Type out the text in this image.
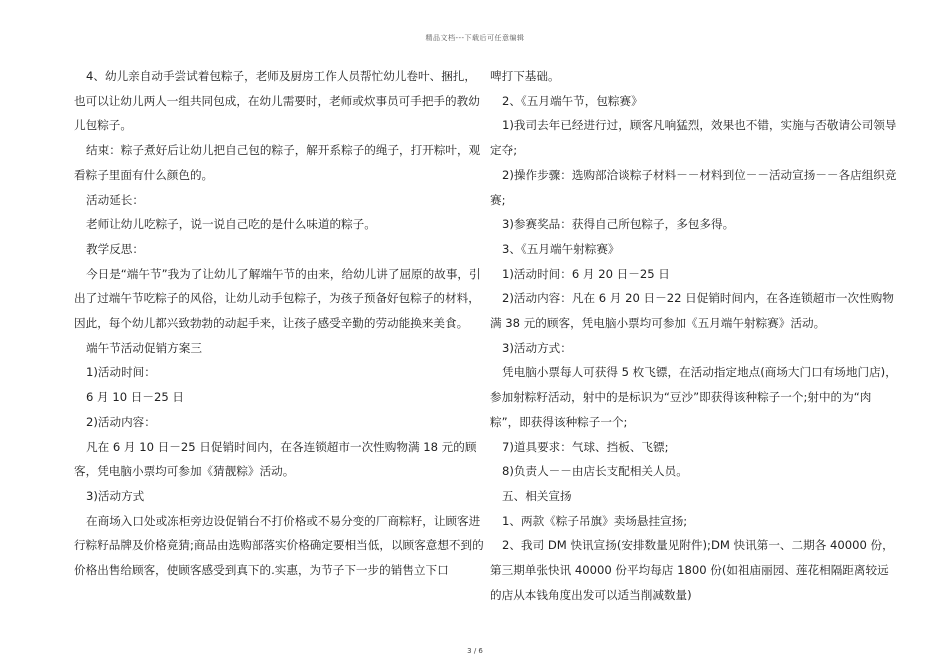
精品文档---下载后可任意编辑

4、幼儿亲自动手尝试着包粽子，老师及厨房工作人员帮忙幼儿卷叶、捆扎，也可以让幼儿两人一组共同包成，在幼儿需要时，老师或炊事员可手把手的教幼儿包粽子。

结束：粽子煮好后让幼儿把自己包的粽子，解开系粽子的绳子，打开粽叶，观看粽子里面有什么颜色的。

活动延长：

老师让幼儿吃粽子，说一说自己吃的是什么味道的粽子。

教学反思：

今日是“端午节”我为了让幼儿了解端午节的由来，给幼儿讲了屈原的故事，引出了过端午节吃粽子的风俗，让幼儿动手包粽子，为孩子预备好包粽子的材料，因此，每个幼儿都兴致勃勃的动起手来，让孩子感受辛勤的劳动能换来美食。

端午节活动促销方案三

1)活动时间：

6 月 10 日－25 日

2)活动内容：

凡在 6 月 10 日－25 日促销时间内，在各连锁超市一次性购物满 18 元的顾客，凭电脑小票均可参加《猜靓粽》活动。

3)活动方式

在商场入口处或冻柜旁边设促销台不打价格或不易分变的厂商粽籽，让顾客进行粽籽品牌及价格竟猜;商品由选购部落实价格确定要相当低，以顾客意想不到的价格出售给顾客，使顾客感受到真下的.实惠，为节子下一步的销售立下口

啤打下基础。

2、《五月端午节，包粽赛》

1)我司去年已经进行过，顾客凡响猛烈，效果也不错，实施与否敬请公司领导定夺;

2)操作步骤：选购部洽谈粽子材料－－材料到位－－活动宣扬－－各店组织竞赛;

3)参赛奖品：获得自己所包粽子，多包多得。

3、《五月端午射粽赛》

1)活动时间：6 月 20 日－25 日

2)活动内容：凡在 6 月 20 日－22 日促销时间内，在各连锁超市一次性购物满 38 元的顾客，凭电脑小票均可参加《五月端午射粽赛》活动。

3)活动方式：

凭电脑小票每人可获得 5 枚飞镖，在活动指定地点(商场大门口有场地门店)，参加射粽籽活动，射中的是标识为“豆沙”即获得该种粽子一个;射中的为“肉粽”，即获得该种粽子一个;

7)道具要求：气球、挡板、飞镖;

8)负责人－－由店长支配相关人员。

五、相关宣扬

1、两款《粽子吊旗》卖场悬挂宣扬;

2、我司 DM 快讯宣扬(安排数量见附件);DM 快讯第一、二期各 40000 份，第三期单张快讯 40000 份平均每店 1800 份(如祖庙丽园、莲花相隔距离较远的店从本钱角度出发可以适当削减数量)

3 / 6
